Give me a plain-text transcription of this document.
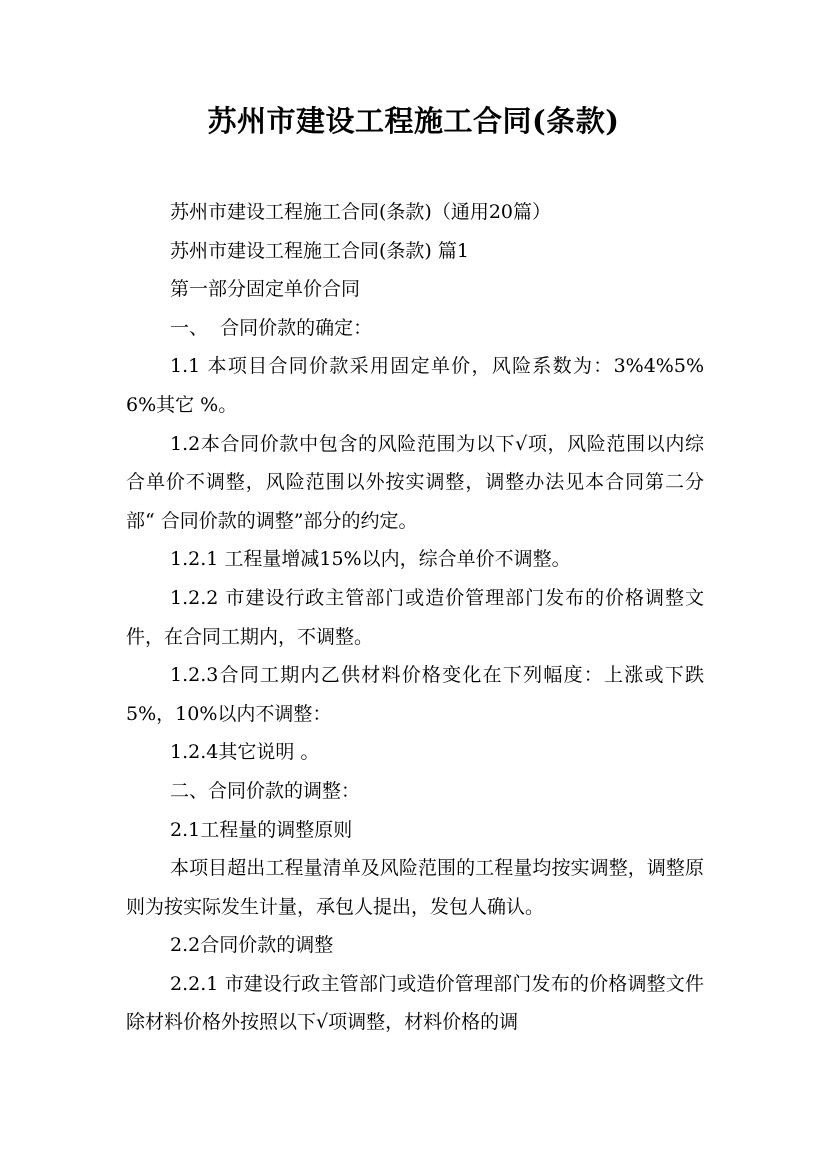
苏州市建设工程施工合同(条款)

苏州市建设工程施工合同(条款)（通用20篇）

苏州市建设工程施工合同(条款) 篇1

第一部分固定单价合同

一、  合同价款的确定：

1.1 本项目合同价款采用固定单价，风险系数为：3%4%5%6%其它 %。

1.2本合同价款中包含的风险范围为以下√项，风险范围以内综合单价不调整，风险范围以外按实调整，调整办法见本合同第二分部“ 合同价款的调整”部分的约定。

1.2.1 工程量增减15%以内，综合单价不调整。

1.2.2 市建设行政主管部门或造价管理部门发布的价格调整文件，在合同工期内，不调整。

1.2.3合同工期内乙供材料价格变化在下列幅度：上涨或下跌5%，10%以内不调整：

1.2.4其它说明 。

二、合同价款的调整：

2.1工程量的调整原则

本项目超出工程量清单及风险范围的工程量均按实调整，调整原则为按实际发生计量，承包人提出，发包人确认。

2.2合同价款的调整

2.2.1 市建设行政主管部门或造价管理部门发布的价格调整文件除材料价格外按照以下√项调整，材料价格的调
